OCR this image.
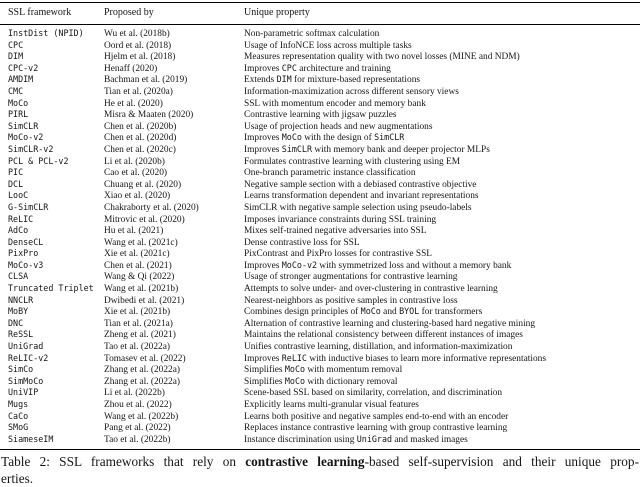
SSL framework	Proposed by	Unique property
InstDist (NPID)	Wu et al. (2018b)	Non-parametric softmax calculation
CPC	Oord et al. (2018)	Usage of InfoNCE loss across multiple tasks
DIM	Hjelm et al. (2018)	Measures representation quality with two novel losses (MINE and NDM)
CPC-v2	Henaff (2020)	Improves CPC architecture and training
AMDIM	Bachman et al. (2019)	Extends DIM for mixture-based representations
CMC	Tian et al. (2020a)	Information-maximization across different sensory views
MoCo	He et al. (2020)	SSL with momentum encoder and memory bank
PIRL	Misra & Maaten (2020)	Contrastive learning with jigsaw puzzles
SimCLR	Chen et al. (2020b)	Usage of projection heads and new augmentations
MoCo-v2	Chen et al. (2020d)	Improves MoCo with the design of SimCLR
SimCLR-v2	Chen et al. (2020c)	Improves SimCLR with memory bank and deeper projector MLPs
PCL & PCL-v2	Li et al. (2020b)	Formulates contrastive learning with clustering using EM
PIC	Cao et al. (2020)	One-branch parametric instance classification
DCL	Chuang et al. (2020)	Negative sample section with a debiased contrastive objective
LooC	Xiao et al. (2020)	Learns transformation dependent and invariant representations
G-SimCLR	Chakraborty et al. (2020)	SimCLR with negative sample selection using pseudo-labels
ReLIC	Mitrovic et al. (2020)	Imposes invariance constraints during SSL training
AdCo	Hu et al. (2021)	Mixes self-trained negative adversaries into SSL
DenseCL	Wang et al. (2021c)	Dense contrastive loss for SSL
PixPro	Xie et al. (2021c)	PixContrast and PixPro losses for contrastive SSL
MoCo-v3	Chen et al. (2021)	Improves MoCo-v2 with symmetrized loss and without a memory bank
CLSA	Wang & Qi (2022)	Usage of stronger augmentations for contrastive learning
Truncated Triplet	Wang et al. (2021b)	Attempts to solve under- and over-clustering in contrastive learning
NNCLR	Dwibedi et al. (2021)	Nearest-neighbors as positive samples in contrastive loss
MoBY	Xie et al. (2021b)	Combines design principles of MoCo and BYOL for transformers
DNC	Tian et al. (2021a)	Alternation of contrastive learning and clustering-based hard negative mining
ReSSL	Zheng et al. (2021)	Maintains the relational consistency between different instances of images
UniGrad	Tao et al. (2022a)	Unifies contrastive learning, distillation, and information-maximization
ReLIC-v2	Tomasev et al. (2022)	Improves ReLIC with inductive biases to learn more informative representations
SimCo	Zhang et al. (2022a)	Simplifies MoCo with momentum removal
SimMoCo	Zhang et al. (2022a)	Simplifies MoCo with dictionary removal
UniVIP	Li et al. (2022b)	Scene-based SSL based on similarity, correlation, and discrimination
Mugs	Zhou et al. (2022)	Explicitly learns multi-granular visual features
CaCo	Wang et al. (2022b)	Learns both positive and negative samples end-to-end with an encoder
SMoG	Pang et al. (2022)	Replaces instance contrastive learning with group contrastive learning
SiameseIM	Tao et al. (2022b)	Instance discrimination using UniGrad and masked images

Table 2: SSL frameworks that rely on contrastive learning-based self-supervision and their unique prop-
erties.
